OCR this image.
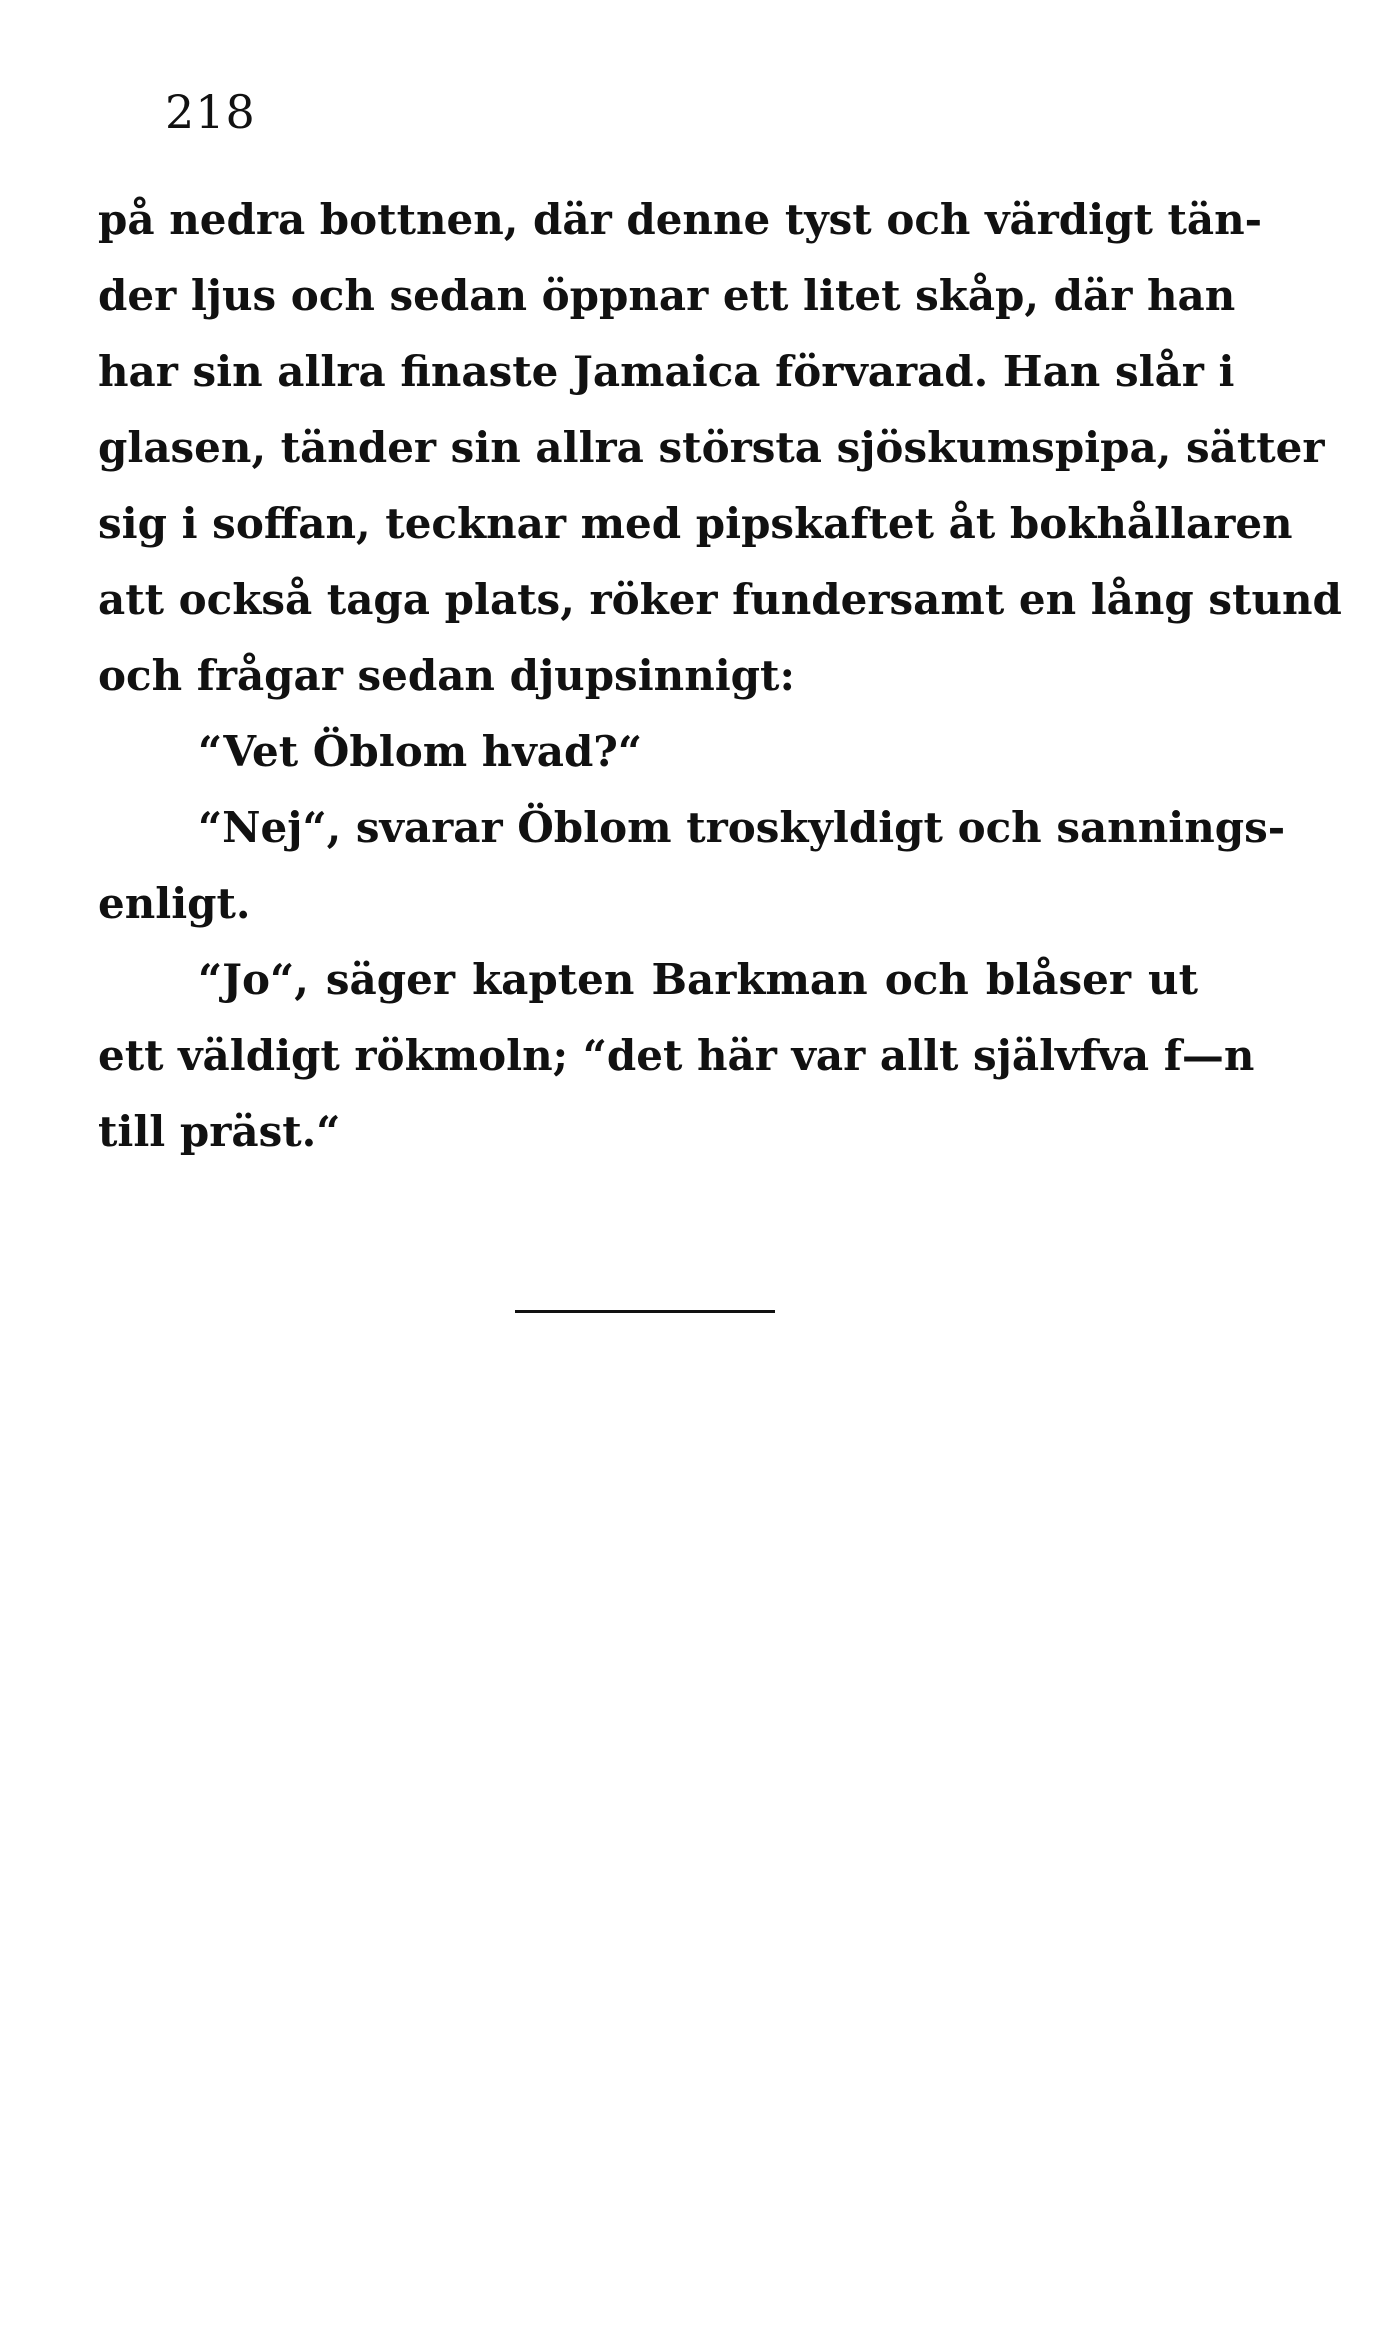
218
på nedra bottnen, där denne tyst och värdigt tän-
der ljus och sedan öppnar ett litet skåp, där han
har sin allra finaste Jamaica förvarad. Han slår i
glasen, tänder sin allra största sjöskumspipa, sätter
sig i soffan, tecknar med pipskaftet åt bokhållaren
att också taga plats, röker fundersamt en lång stund
och frågar sedan djupsinnigt:
“Vet Öblom hvad?“
“Nej“, svarar Öblom troskyldigt och sannings-
enligt.
“Jo“, säger kapten Barkman och blåser ut
ett väldigt rökmoln; “det här var allt självfva f—n
till präst.“
